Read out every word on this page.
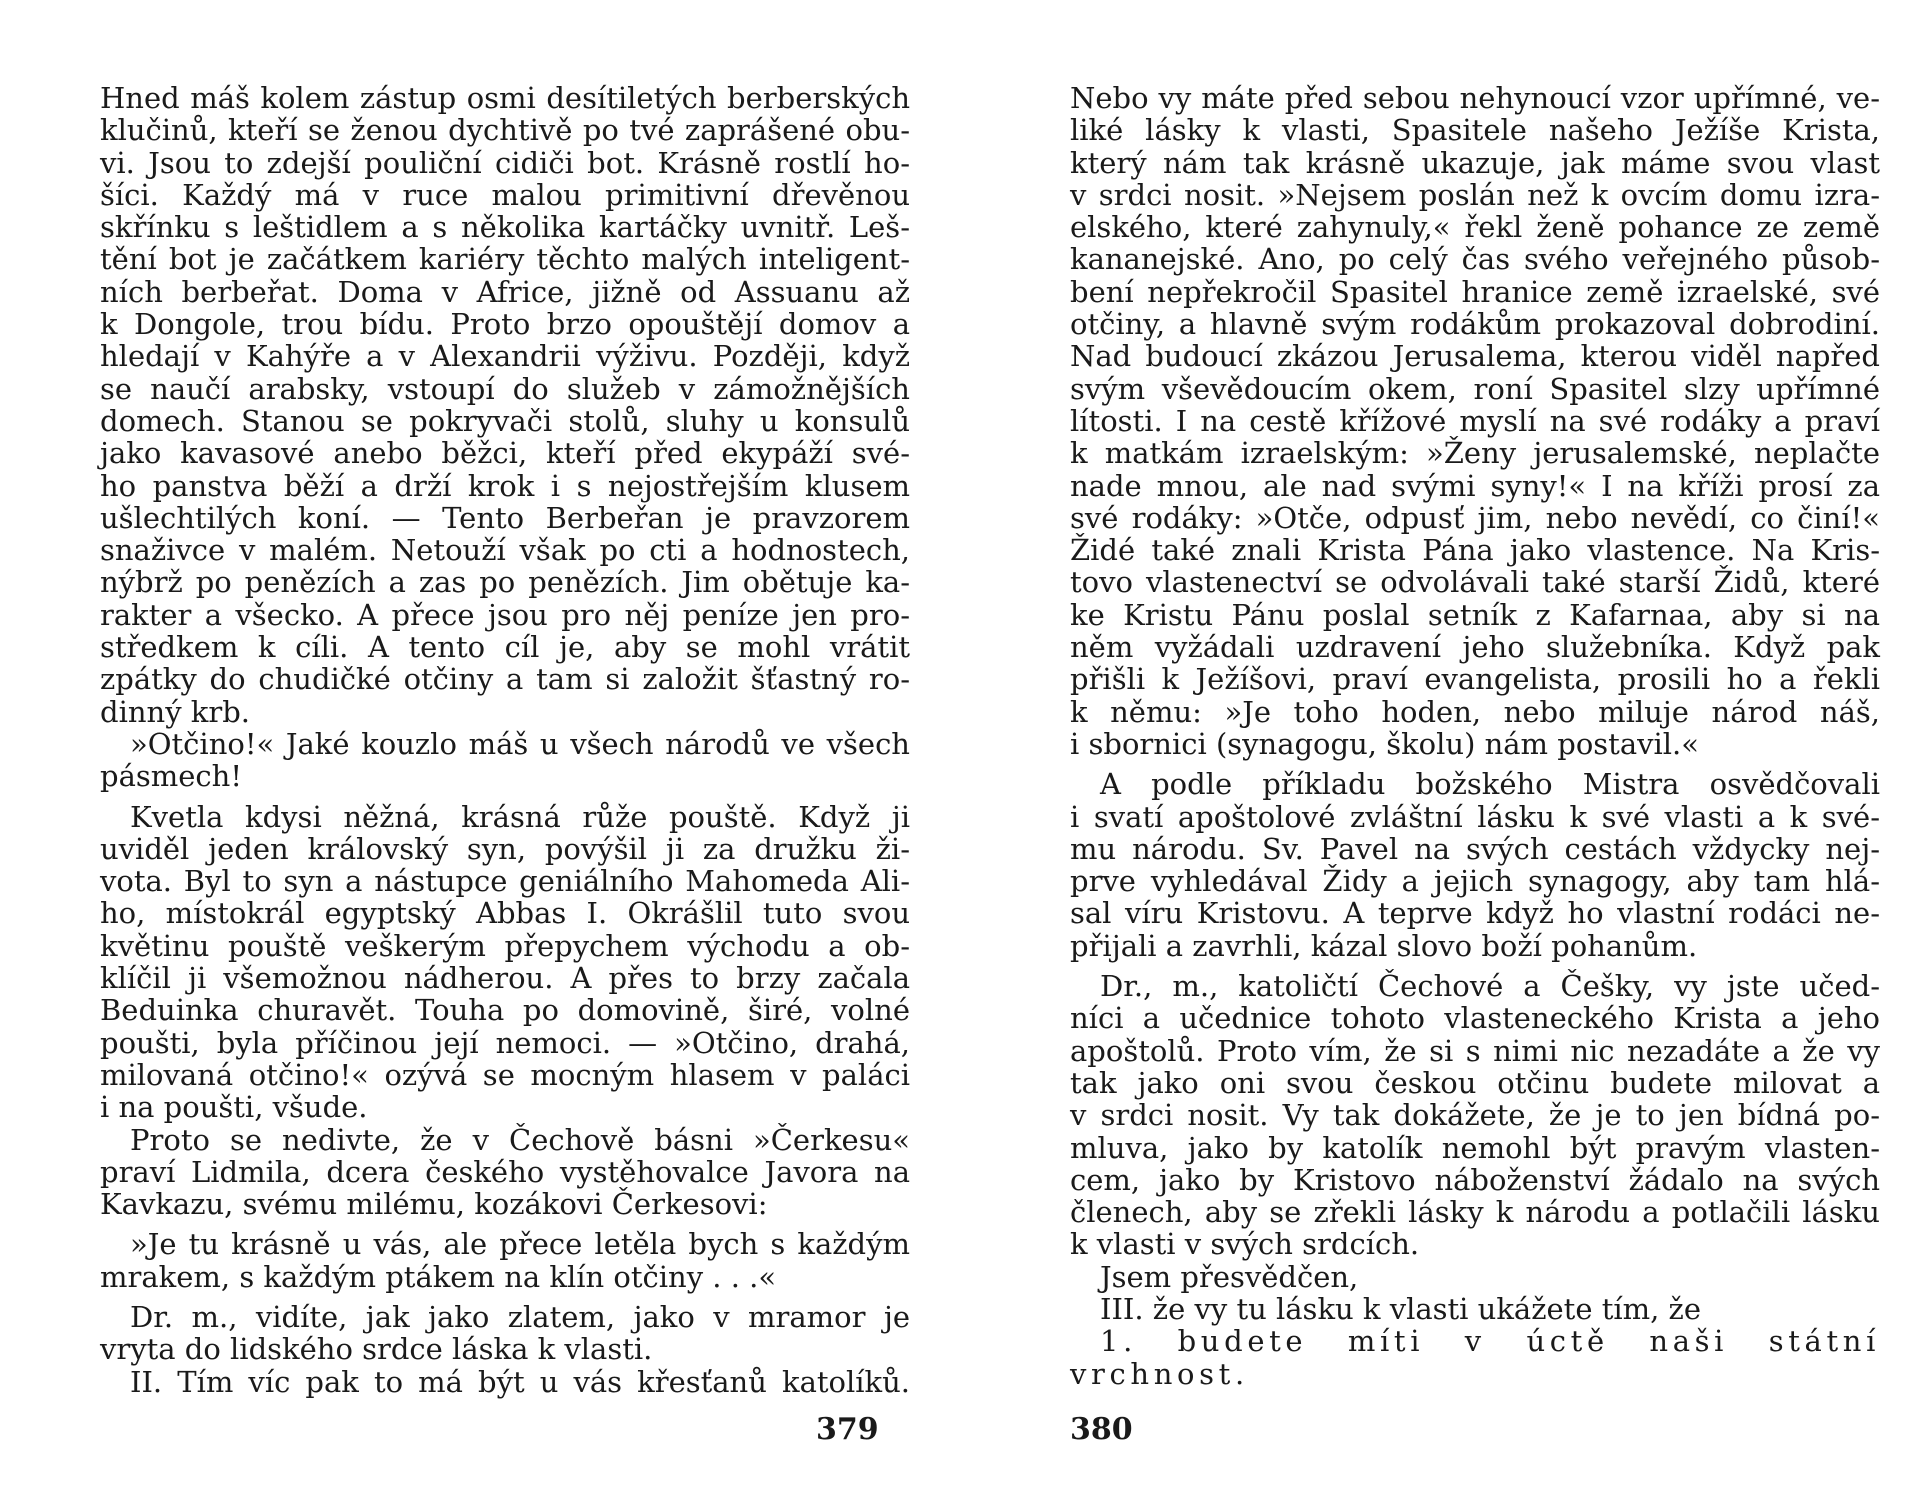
Hned máš kolem zástup osmi desítiletých berberských
klučinů, kteří se ženou dychtivě po tvé zaprášené obu-
vi. Jsou to zdejší pouliční cidiči bot. Krásně rostlí ho-
šíci. Každý má v ruce malou primitivní dřevěnou
skřínku s leštidlem a s několika kartáčky uvnitř. Leš-
tění bot je začátkem kariéry těchto malých inteligent-
ních berbeřat. Doma v Africe, jižně od Assuanu až
k Dongole, trou bídu. Proto brzo opouštějí domov a
hledají v Kahýře a v Alexandrii výživu. Později, když
se naučí arabsky, vstoupí do služeb v zámožnějších
domech. Stanou se pokryvači stolů, sluhy u konsulů
jako kavasové anebo běžci, kteří před ekypáží své-
ho panstva běží a drží krok i s nejostřejším klusem
ušlechtilých koní. — Tento Berbeřan je pravzorem
snaživce v malém. Netouží však po cti a hodnostech,
nýbrž po penězích a zas po penězích. Jim obětuje ka-
rakter a všecko. A přece jsou pro něj peníze jen pro-
středkem k cíli. A tento cíl je, aby se mohl vrátit
zpátky do chudičké otčiny a tam si založit šťastný ro-
dinný krb.
»Otčino!« Jaké kouzlo máš u všech národů ve všech
pásmech!
Kvetla kdysi něžná, krásná růže pouště. Když ji
uviděl jeden královský syn, povýšil ji za družku ži-
vota. Byl to syn a nástupce geniálního Mahomeda Ali-
ho, místokrál egyptský Abbas I. Okrášlil tuto svou
květinu pouště veškerým přepychem východu a ob-
klíčil ji všemožnou nádherou. A přes to brzy začala
Beduinka churavět. Touha po domovině, širé, volné
poušti, byla příčinou její nemoci. — »Otčino, drahá,
milovaná otčino!« ozývá se mocným hlasem v paláci
i na poušti, všude.
Proto se nedivte, že v Čechově básni »Čerkesu«
praví Lidmila, dcera českého vystěhovalce Javora na
Kavkazu, svému milému, kozákovi Čerkesovi:
»Je tu krásně u vás, ale přece letěla bych s každým
mrakem, s každým ptákem na klín otčiny . . .«
Dr. m., vidíte, jak jako zlatem, jako v mramor je
vryta do lidského srdce láska k vlasti.
II. Tím víc pak to má být u vás křesťanů katolíků.
Nebo vy máte před sebou nehynoucí vzor upřímné, ve-
liké lásky k vlasti, Spasitele našeho Ježíše Krista,
který nám tak krásně ukazuje, jak máme svou vlast
v srdci nosit. »Nejsem poslán než k ovcím domu izra-
elského, které zahynuly,« řekl ženě pohance ze země
kananejské. Ano, po celý čas svého veřejného působ-
bení nepřekročil Spasitel hranice země izraelské, své
otčiny, a hlavně svým rodákům prokazoval dobrodiní.
Nad budoucí zkázou Jerusalema, kterou viděl napřed
svým vševědoucím okem, roní Spasitel slzy upřímné
lítosti. I na cestě křížové myslí na své rodáky a praví
k matkám izraelským: »Ženy jerusalemské, neplačte
nade mnou, ale nad svými syny!« I na kříži prosí za
své rodáky: »Otče, odpusť jim, nebo nevědí, co činí!«
Židé také znali Krista Pána jako vlastence. Na Kris-
tovo vlastenectví se odvolávali také starší Židů, které
ke Kristu Pánu poslal setník z Kafarnaa, aby si na
něm vyžádali uzdravení jeho služebníka. Když pak
přišli k Ježíšovi, praví evangelista, prosili ho a řekli
k němu: »Je toho hoden, nebo miluje národ náš,
i sbornici (synagogu, školu) nám postavil.«
A podle příkladu božského Mistra osvědčovali
i svatí apoštolové zvláštní lásku k své vlasti a k své-
mu národu. Sv. Pavel na svých cestách vždycky nej-
prve vyhledával Židy a jejich synagogy, aby tam hlá-
sal víru Kristovu. A teprve když ho vlastní rodáci ne-
přijali a zavrhli, kázal slovo boží pohanům.
Dr., m., katoličtí Čechové a Češky, vy jste učed-
níci a učednice tohoto vlasteneckého Krista a jeho
apoštolů. Proto vím, že si s nimi nic nezadáte a že vy
tak jako oni svou českou otčinu budete milovat a
v srdci nosit. Vy tak dokážete, že je to jen bídná po-
mluva, jako by katolík nemohl být pravým vlasten-
cem, jako by Kristovo náboženství žádalo na svých
členech, aby se zřekli lásky k národu a potlačili lásku
k vlasti v svých srdcích.
Jsem přesvědčen,
III. že vy tu lásku k vlasti ukážete tím, že
1. budete míti v úctě naši státní
vrchnost.
379	380
